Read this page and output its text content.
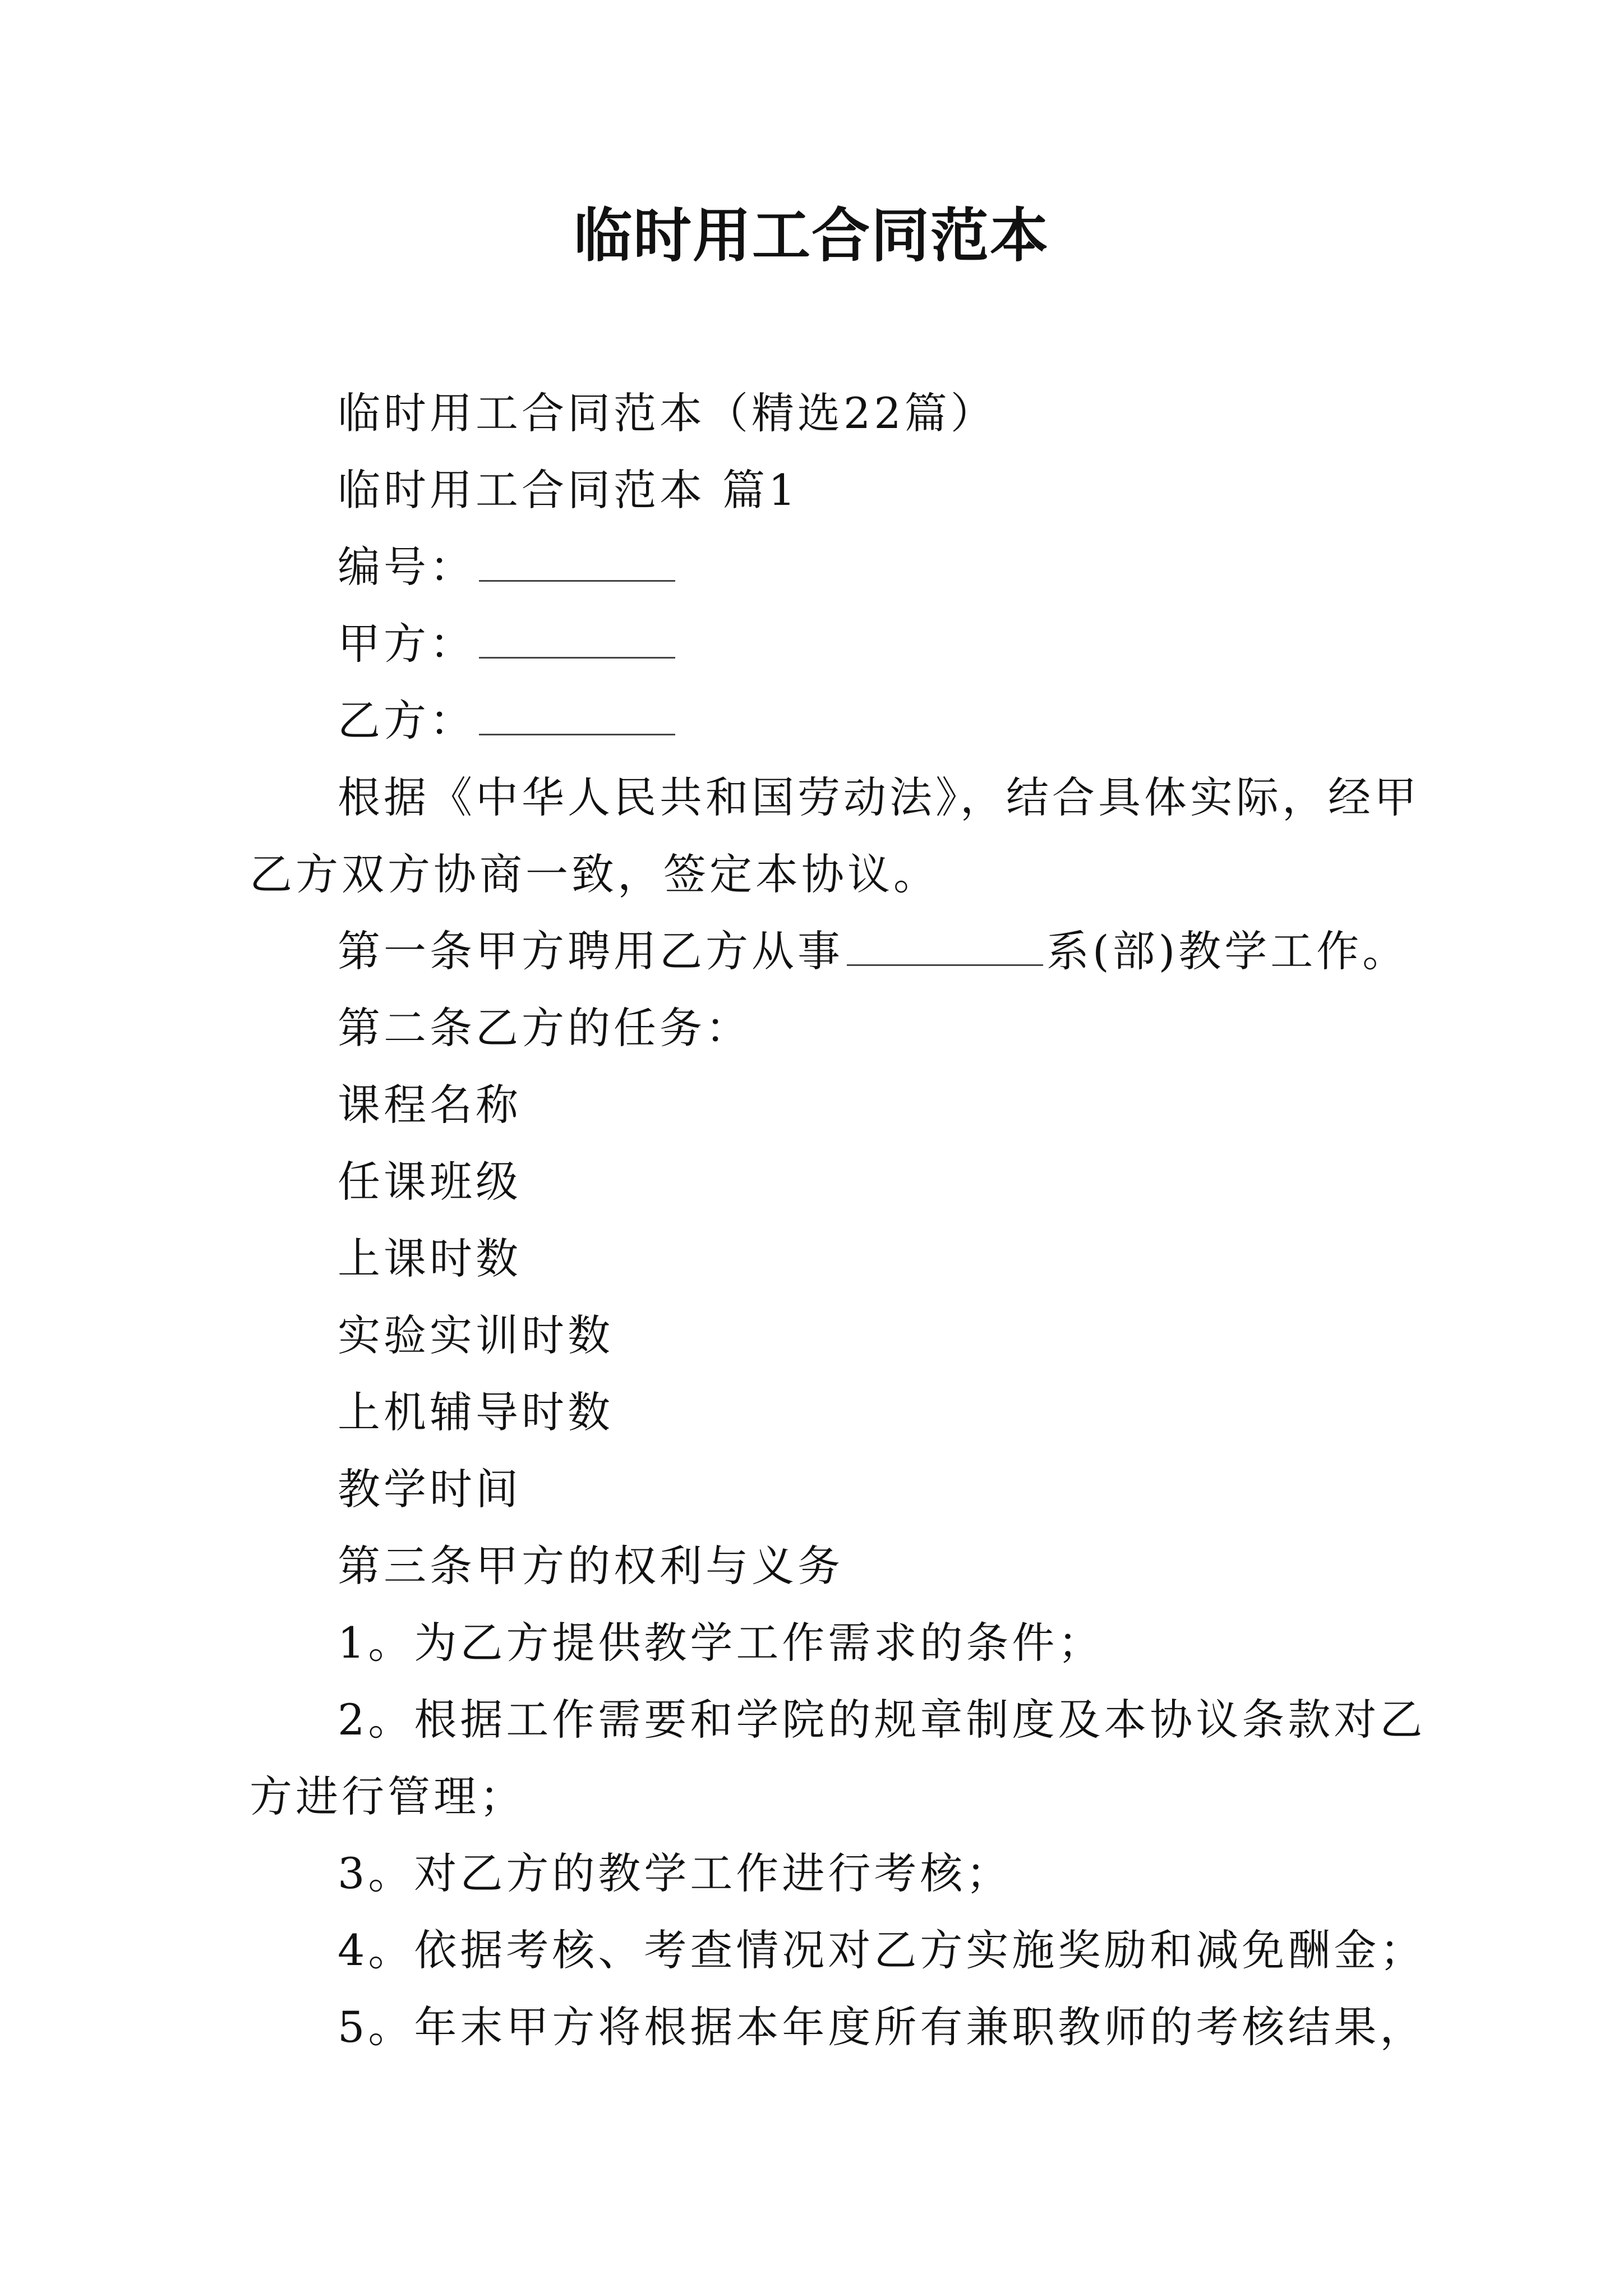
临时用工合同范本

临时用工合同范本（精选22篇）

临时用工合同范本 篇1

编号：

甲方：

乙方：

根据《中华人民共和国劳动法》，结合具体实际，经甲

乙方双方协商一致，签定本协议。

第一条甲方聘用乙方从事	系(部)教学工作。

第二条乙方的任务：

课程名称

任课班级

上课时数

实验实训时数

上机辅导时数

教学时间

第三条甲方的权利与义务

1。为乙方提供教学工作需求的条件；

2。根据工作需要和学院的规章制度及本协议条款对乙

方进行管理；

3。对乙方的教学工作进行考核；

4。依据考核、考查情况对乙方实施奖励和减免酬金；

5。年末甲方将根据本年度所有兼职教师的考核结果，
